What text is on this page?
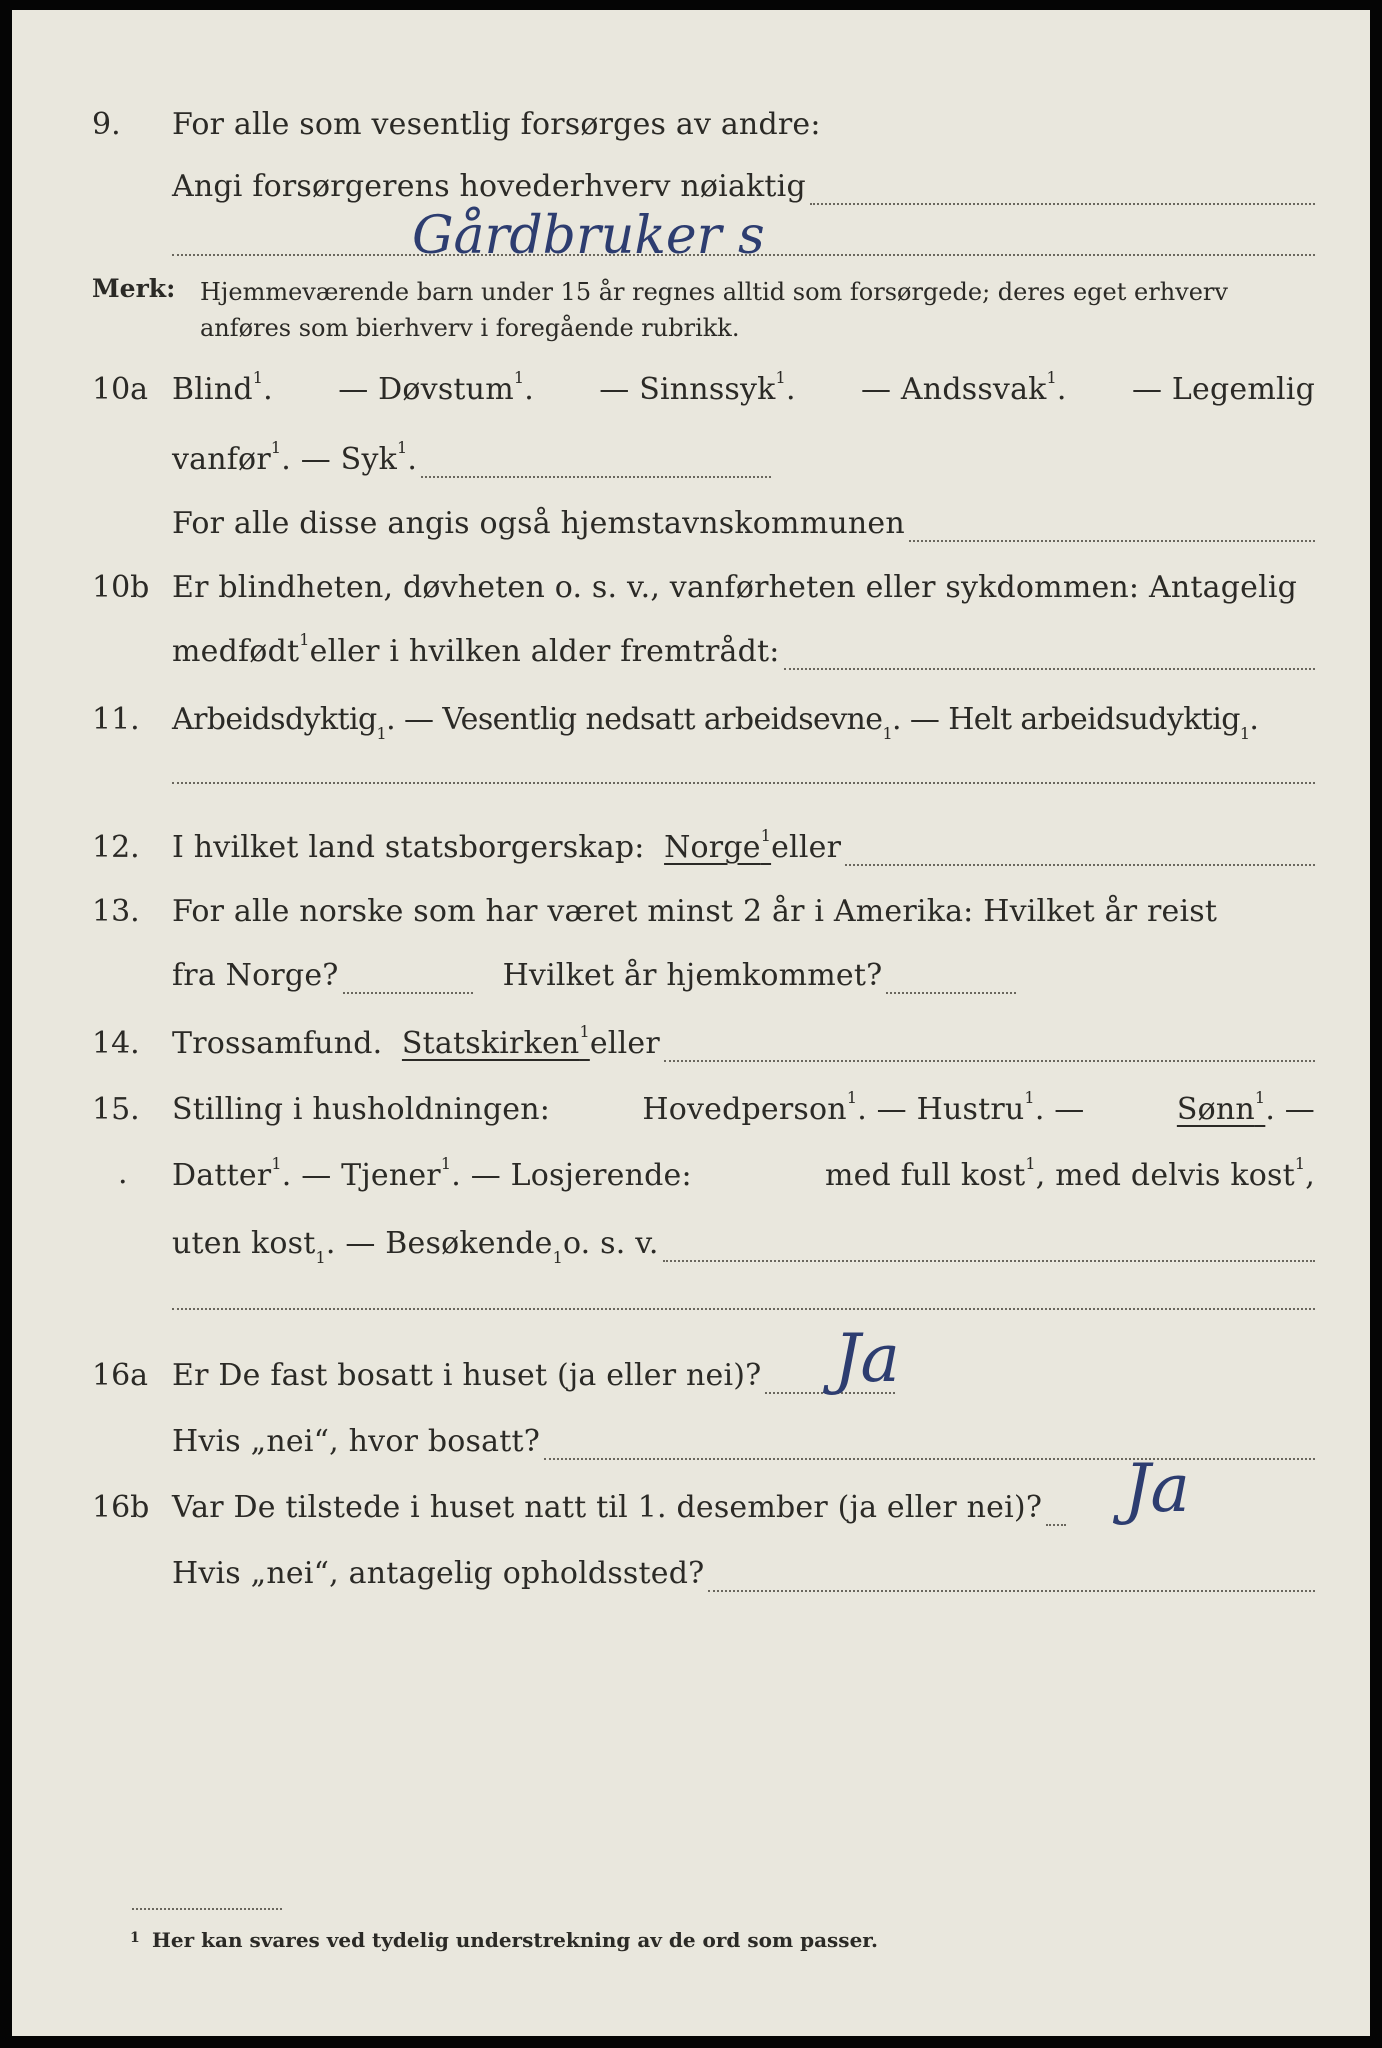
9. For alle som vesentlig forsørges av andre:
Angi forsørgerens hovederhverv nøiaktig
Gårdbruker s
Merk: Hjemmeværende barn under 15 år regnes alltid som forsørgede; deres eget erhverv anføres som bierhverv i foregående rubrikk.
10a Blind$^1$. — Døvstum$^1$. — Sinnssyk$^1$. — Andssvak$^1$. — Legemlig
vanfør$^1$. — Syk$^1$.
For alle disse angis også hjemstavnskommunen
10b Er blindheten, døvheten o. s. v., vanførheten eller sykdommen: Antagelig
medfødt$^1$ eller i hvilken alder fremtrådt:
11. Arbeidsdyktig$^1$ . — Vesentlig nedsatt arbeidsevne$^1$ . — Helt arbeidsudyktig$^1$ .
12. I hvilket land statsborgerskap:
Norge$^1$ eller
13. For alle norske som har været minst 2 år i Amerika: Hvilket år reist
fra Norge?	Hvilket år hjemkommet?
14. Trossamfund.
Statskirken$^1$ eller
15. Stilling i husholdningen:	Hovedperson$^1$. — Hustru$^1$. —	Sønn$^1$. —
. Datter$^1$. — Tjener$^1$. — Losjerende:	med full kost$^1$, med delvis kost$^1$,
uten kost$^1$ . — Besøkende$^1$ o. s. v.
16a Er De fast bosatt i huset (ja eller nei)? Ja
Hvis „nei“, hvor bosatt?
16b Var De tilstede i huset natt til 1. desember (ja eller nei)? Ja
Hvis „nei“, antagelig opholdssted?
1 Her kan svares ved tydelig understrekning av de ord som passer.
